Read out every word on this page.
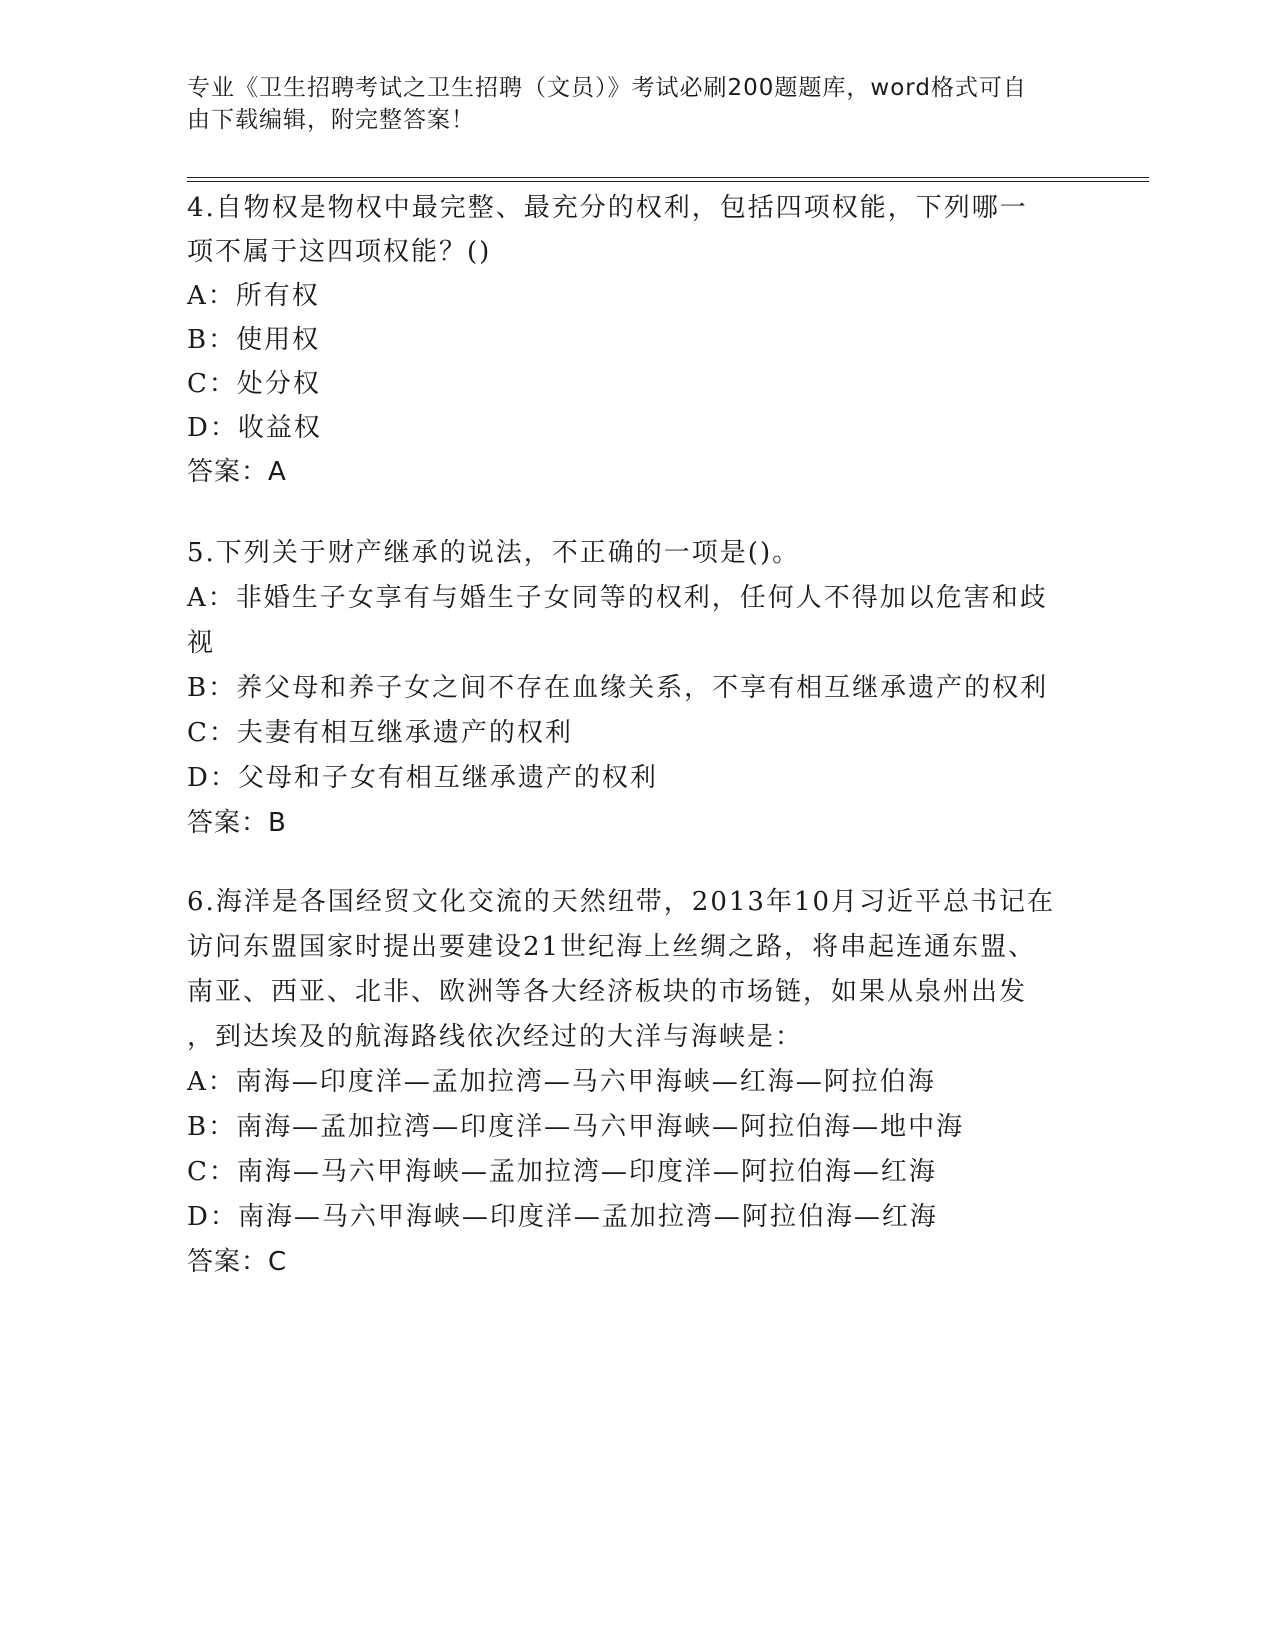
专业《卫生招聘考试之卫生招聘（文员）》考试必刷200题题库，word格式可自
由下载编辑，附完整答案！
4.自物权是物权中最完整、最充分的权利，包括四项权能，下列哪一
项不属于这四项权能？()
A：所有权
B：使用权
C：处分权
D：收益权
答案：A
5.下列关于财产继承的说法，不正确的一项是()。
A：非婚生子女享有与婚生子女同等的权利，任何人不得加以危害和歧
视
B：养父母和养子女之间不存在血缘关系，不享有相互继承遗产的权利
C：夫妻有相互继承遗产的权利
D：父母和子女有相互继承遗产的权利
答案：B
6.海洋是各国经贸文化交流的天然纽带，2013年10月习近平总书记在
访问东盟国家时提出要建设21世纪海上丝绸之路，将串起连通东盟、
南亚、西亚、北非、欧洲等各大经济板块的市场链，如果从泉州出发
，到达埃及的航海路线依次经过的大洋与海峡是：
A：南海—印度洋—孟加拉湾—马六甲海峡—红海—阿拉伯海
B：南海—孟加拉湾—印度洋—马六甲海峡—阿拉伯海—地中海
C：南海—马六甲海峡—孟加拉湾—印度洋—阿拉伯海—红海
D：南海—马六甲海峡—印度洋—孟加拉湾—阿拉伯海—红海
答案：C
